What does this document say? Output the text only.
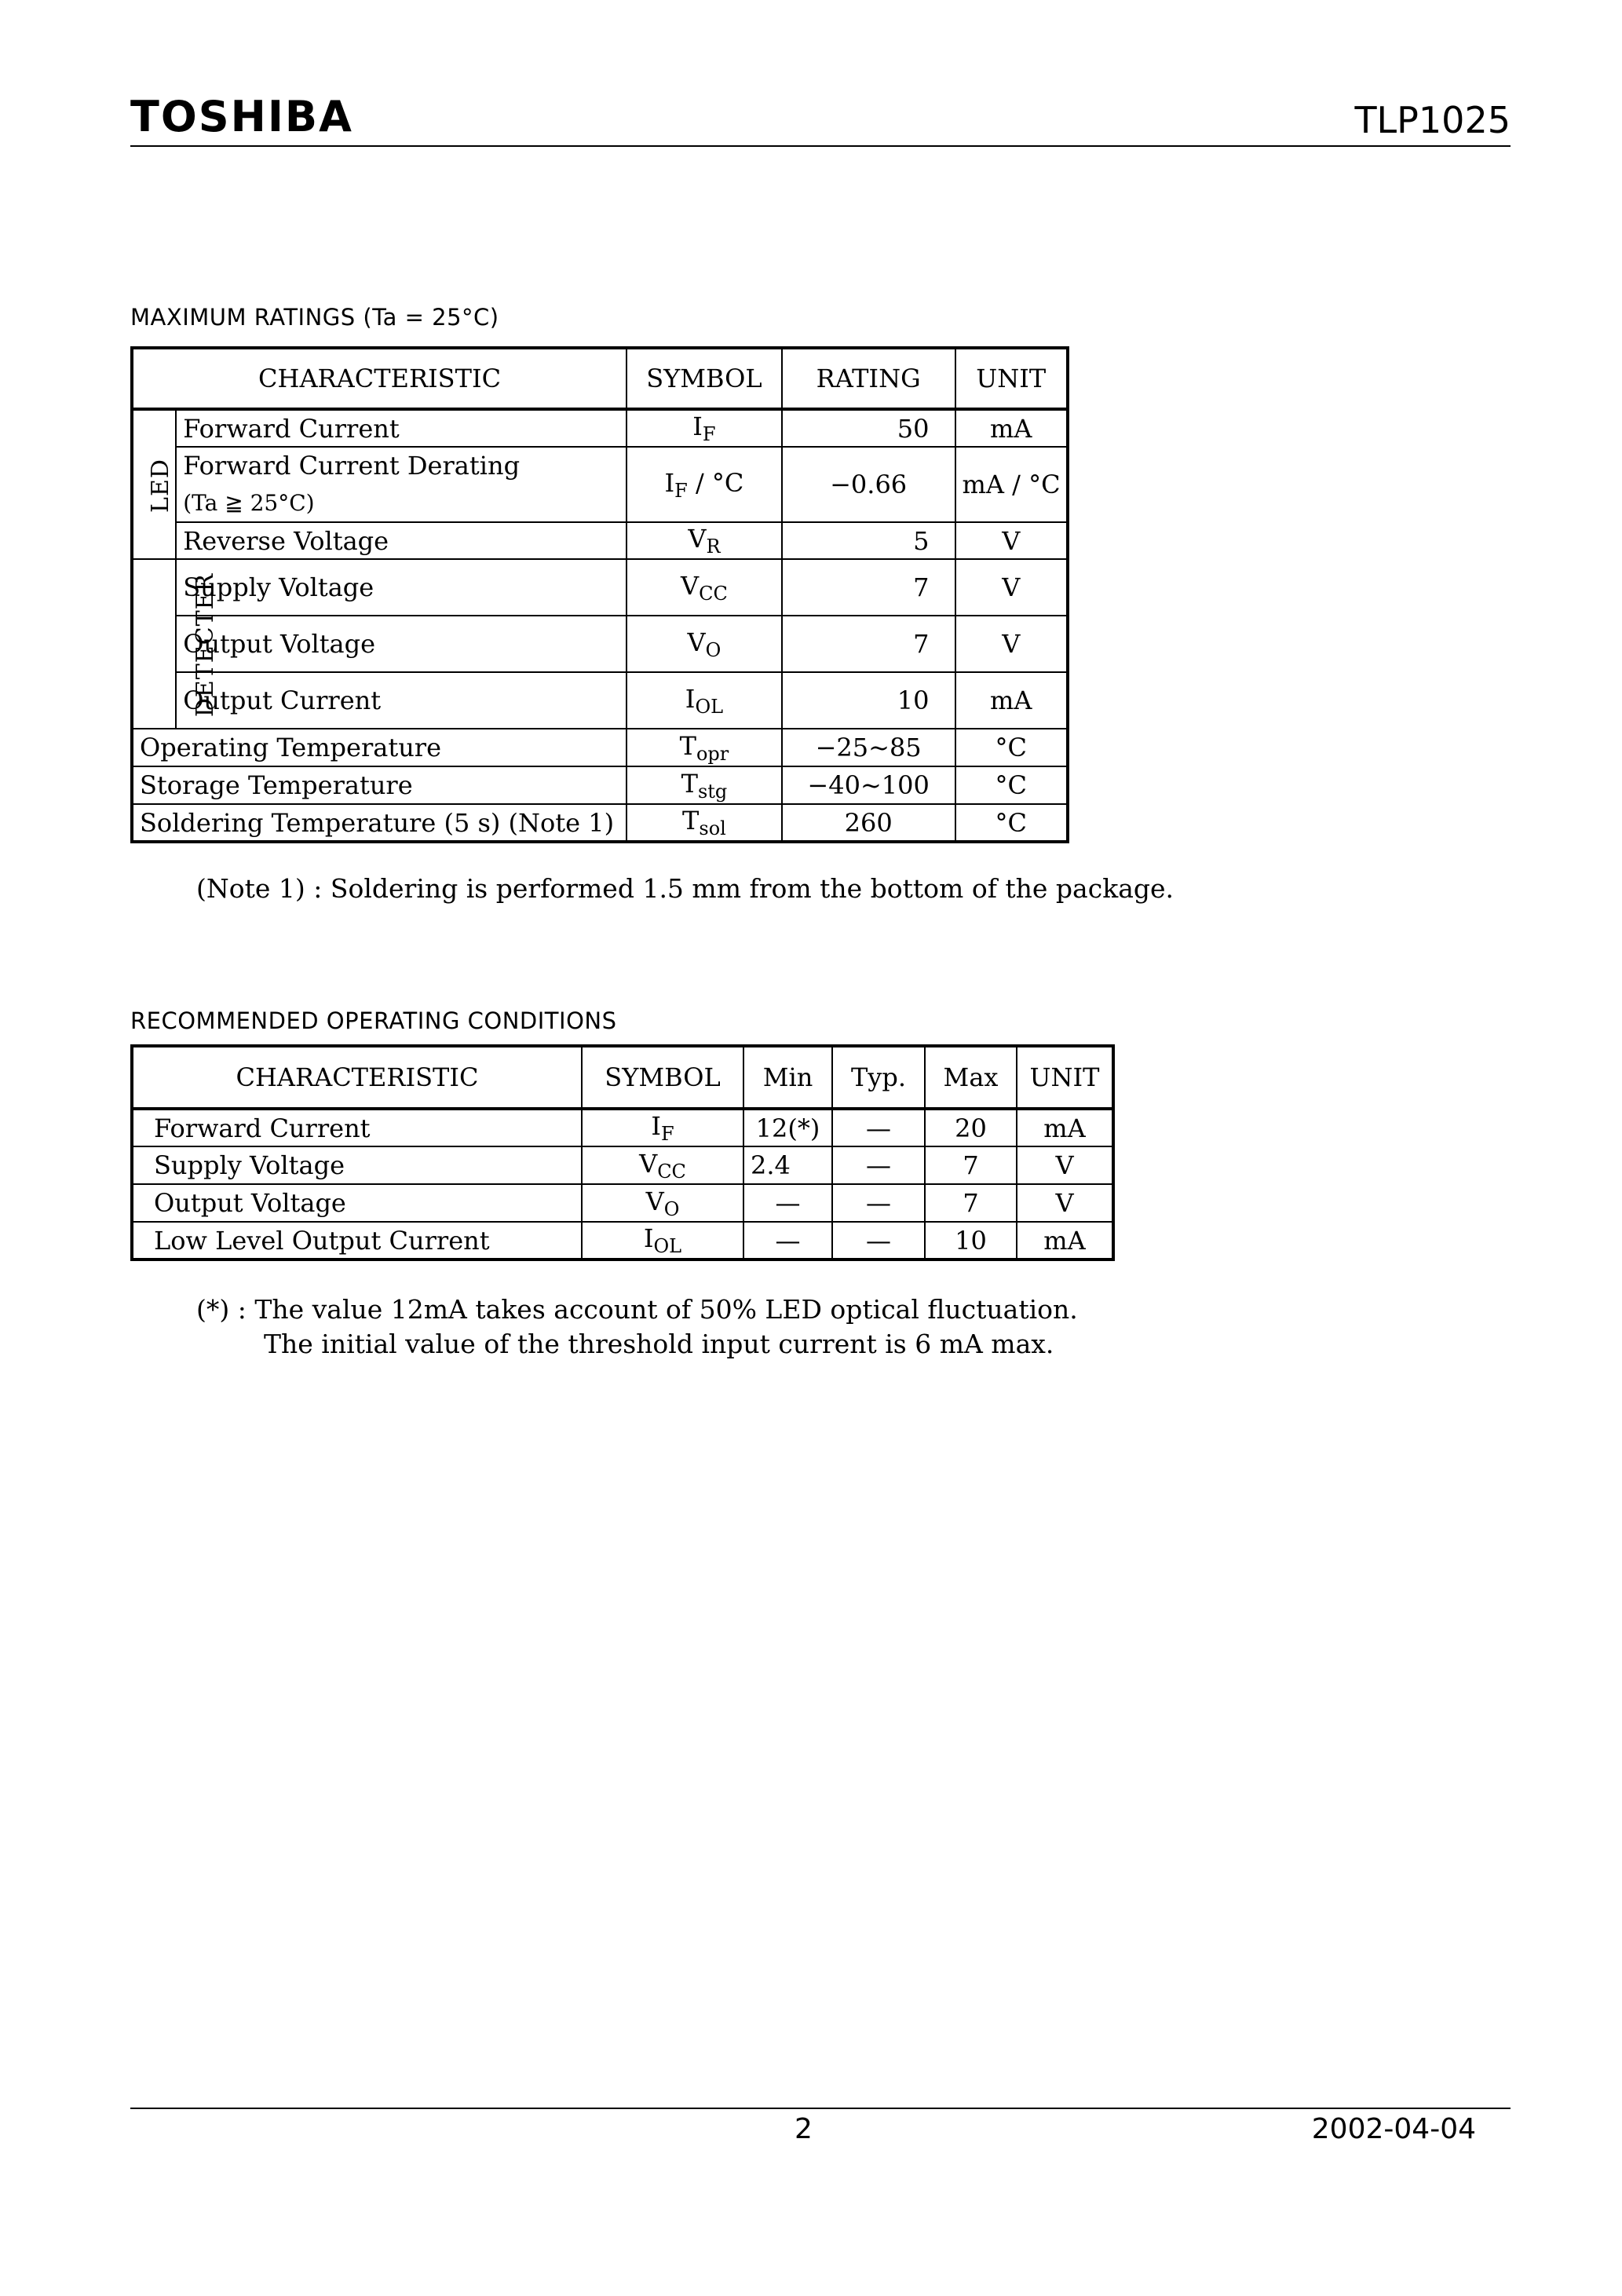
TOSHIBA	TLP1025
MAXIMUM RATINGS (Ta = 25°C)
CHARACTERISTIC		SYMBOL	RATING	UNIT
LED	Forward Current	$I_F$	50	mA
	Forward Current Derating
(Ta ≧ 25°C)	$I_F / ^\circ C$	−0.66	mA / °C
	Reverse Voltage	$V_R$	5	V
DETECTER	Supply Voltage	$V_{CC}$	7	V
	Output Voltage	$V_O$	7	V
	Output Current	$I_{OL}$	10	mA
Operating Temperature		$T_{opr}$	−25~85	°C
Storage Temperature		$T_{stg}$	−40~100	°C
Soldering Temperature (5 s) (Note 1)		$T_{sol}$	260	°C
(Note 1) : Soldering is performed 1.5 mm from the bottom of the package.
RECOMMENDED OPERATING CONDITIONS
CHARACTERISTIC	SYMBOL	Min	Typ.	Max	UNIT
Forward Current	$I_F$	12(*)	—	20	mA
Supply Voltage	$V_{CC}$	2.4	—	7	V
Output Voltage	$V_O$	—	—	7	V
Low Level Output Current	$I_{OL}$	—	—	10	mA
(*) : The value 12mA takes account of 50% LED optical fluctuation.
The initial value of the threshold input current is 6 mA max.
2	2002-04-04
